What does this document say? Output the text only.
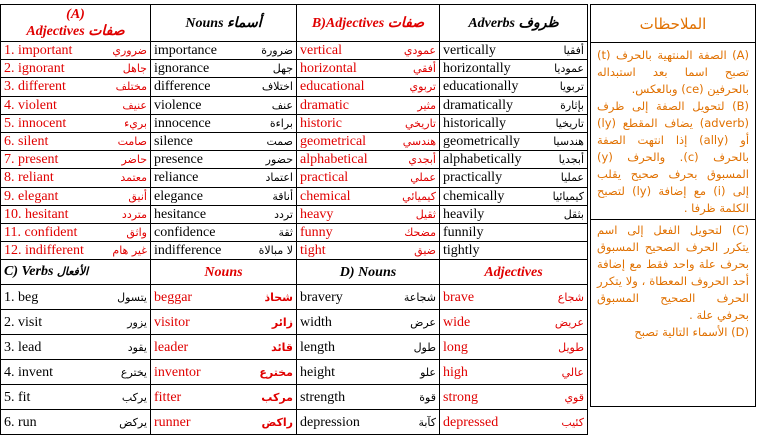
(A)
Adjectives صفات	Nouns أسماء	B)Adjectives صفات	Adverbs ظروف

1. important ضروري	importance ضرورة	vertical عمودي	vertically أفقيا

2. ignorant جاهل	ignorance جهل	horizontal أفقي	horizontally عموديا

3. different مختلف	difference اختلاف	educational تربوي	educationally تربويا

4. violent عنيف	violence عنف	dramatic مثير	dramatically بإثارة

5. innocent بريء	innocence براءة	historic تاريخي	historically تاريخيا

6. silent صامت	silence صمت	geometrical هندسي	geometrically هندسيا

7. present حاضر	presence حضور	alphabetical أبجدي	alphabetically أبجديا

8. reliant معتمد	reliance اعتماد	practical عملي	practically عمليا

9. elegant أنيق	elegance أناقة	chemical كيميائي	chemically كيميائيا

10. hesitant متردد	hesitance تردد	heavy ثقيل	heavily بثقل

11. confident واثق	confidence ثقة	funny مضحك	funnily

12. indifferent غير هام	indifference لا مبالاة	tight ضيق	tightly

C) Verbs الأفعال	Nouns	D) Nouns	Adjectives

1. beg يتسول	beggar شحاذ	bravery شجاعة	brave شجاع

2. visit يزور	visitor زائر	width عرض	wide عريض

3. lead يقود	leader قائد	length طول	long طويل

4. invent يخترع	inventor مخترع	height علو	high عالي

5. fit يركب	fitter مركب	strength قوة	strong قوي

6. run يركض	runner راكض	depression كآبة	depressed كئيب
الملاحظات

(A) الصفة المنتهية بالحرف (t) تصبح اسما بعد استبداله بالحرفين (ce) وبالعكس.

(B) لتحويل الصفة إلى ظرف (adverb) يضاف المقطع (ly) أو (ally) إذا انتهت الصفة بالحرف (c). والحرف (y) المسبوق بحرف صحيح يقلب إلى (i) مع إضافة (ly) لتصبح الكلمة ظرفا .

(C) لتحويل الفعل إلى اسم يتكرر الحرف الصحيح المسبوق بحرف علة واحد فقط مع إضافة أحد الحروف المعطاة ، ولا يتكرر الحرف الصحيح المسبوق بحرفي علة .

(D) الأسماء التالية تصبح
